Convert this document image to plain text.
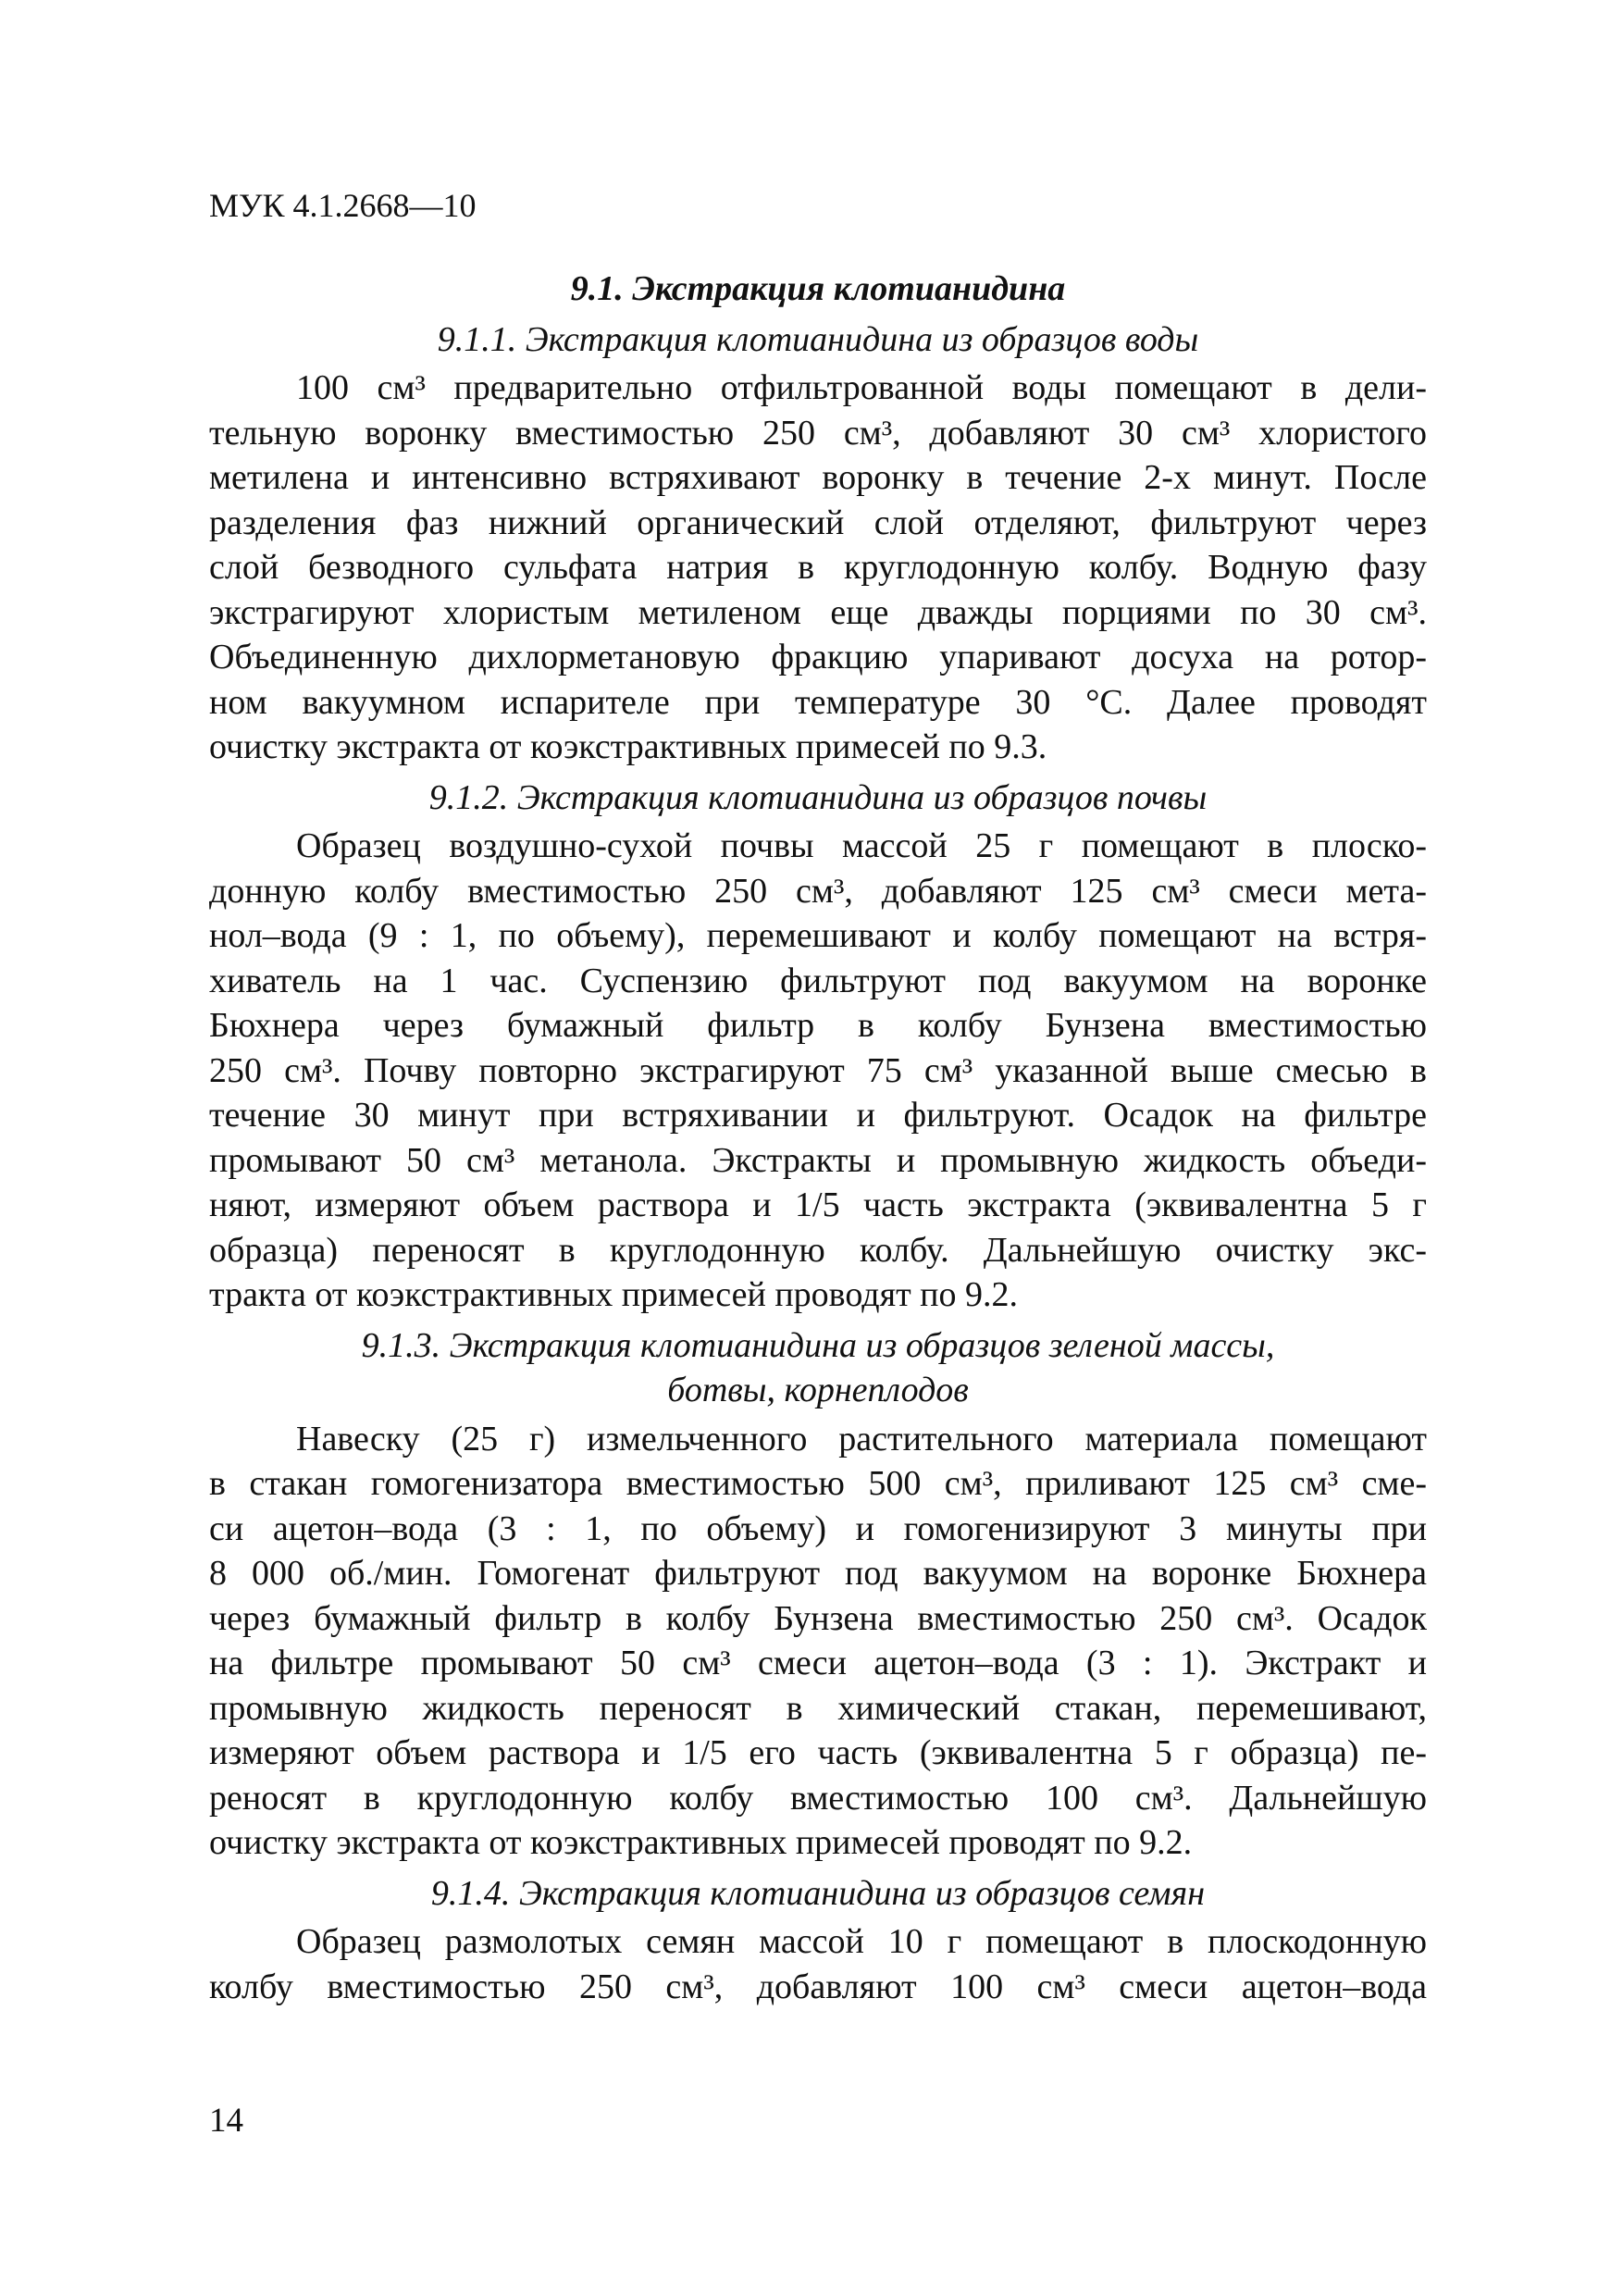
МУК 4.1.2668—10
9.1. Экстракция клотианидина
9.1.1. Экстракция клотианидина из образцов воды
100 см³ предварительно отфильтрованной воды помещают в дели-
тельную воронку вместимостью 250 см³, добавляют 30 см³ хлористого
метилена и интенсивно встряхивают воронку в течение 2-х минут. После
разделения фаз нижний органический слой отделяют, фильтруют через
слой безводного сульфата натрия в круглодонную колбу. Водную фазу
экстрагируют хлористым метиленом еще дважды порциями по 30 см³.
Объединенную дихлорметановую фракцию упаривают досуха на ротор-
ном вакуумном испарителе при температуре 30 °С. Далее проводят
очистку экстракта от коэкстрактивных примесей по 9.3.
9.1.2. Экстракция клотианидина из образцов почвы
Образец воздушно-сухой почвы массой 25 г помещают в плоско-
донную колбу вместимостью 250 см³, добавляют 125 см³ смеси мета-
нол–вода (9 : 1, по объему), перемешивают и колбу помещают на встря-
хиватель на 1 час. Суспензию фильтруют под вакуумом на воронке
Бюхнера через бумажный фильтр в колбу Бунзена вместимостью
250 см³. Почву повторно экстрагируют 75 см³ указанной выше смесью в
течение 30 минут при встряхивании и фильтруют. Осадок на фильтре
промывают 50 см³ метанола. Экстракты и промывную жидкость объеди-
няют, измеряют объем раствора и 1/5 часть экстракта (эквивалентна 5 г
образца) переносят в круглодонную колбу. Дальнейшую очистку экс-
тракта от коэкстрактивных примесей проводят по 9.2.
9.1.3. Экстракция клотианидина из образцов зеленой массы,
ботвы, корнеплодов
Навеску (25 г) измельченного растительного материала помещают
в стакан гомогенизатора вместимостью 500 см³, приливают 125 см³ сме-
си ацетон–вода (3 : 1, по объему) и гомогенизируют 3 минуты при
8 000 об./мин. Гомогенат фильтруют под вакуумом на воронке Бюхнера
через бумажный фильтр в колбу Бунзена вместимостью 250 см³. Осадок
на фильтре промывают 50 см³ смеси ацетон–вода (3 : 1). Экстракт и
промывную жидкость переносят в химический стакан, перемешивают,
измеряют объем раствора и 1/5 его часть (эквивалентна 5 г образца) пе-
реносят в круглодонную колбу вместимостью 100 см³. Дальнейшую
очистку экстракта от коэкстрактивных примесей проводят по 9.2.
9.1.4. Экстракция клотианидина из образцов семян
Образец размолотых семян массой 10 г помещают в плоскодонную
колбу вместимостью 250 см³, добавляют 100 см³ смеси ацетон–вода
14
